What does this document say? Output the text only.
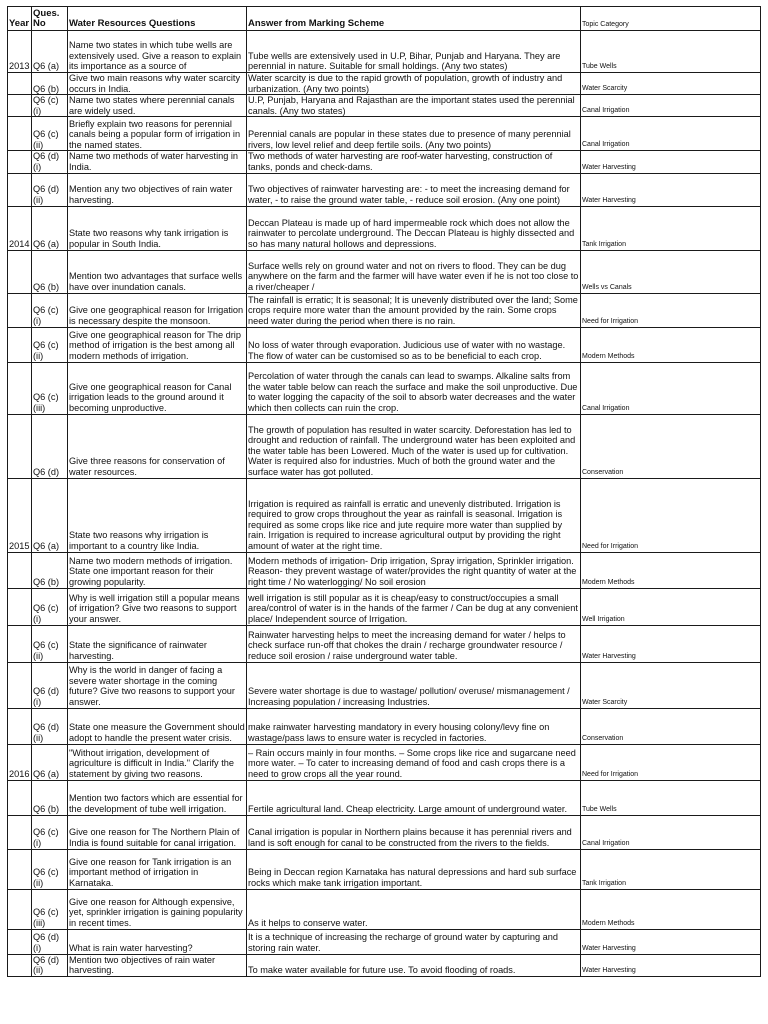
Year	Ques. No	Water Resources Questions	Answer from Marking Scheme	Topic Category
2013	Q6 (a)	Name two states in which tube wells are extensively used. Give a reason to explain its importance as a source of	Tube wells are extensively used in U.P, Bihar, Punjab and Haryana. They are perennial in nature. Suitable for small holdings. (Any two states)	Tube Wells
	Q6 (b)	Give two main reasons why water scarcity occurs in India.	Water scarcity is due to the rapid growth of population, growth of industry and urbanization. (Any two points)	Water Scarcity
	Q6 (c)(i)	Name two states where perennial canals are widely used.	U.P, Punjab, Haryana and Rajasthan are the important states used the perennial canals. (Any two states)	Canal Irrigation
	Q6 (c) (ii)	Briefly explain two reasons for perennial canals being a popular form of irrigation in the named states.	Perennial canals are popular in these states due to presence of many perennial rivers, low level relief and deep fertile soils. (Any two points)	Canal Irrigation
	Q6 (d)(i)	Name two methods of water harvesting in India.	Two methods of water harvesting are roof-water harvesting, construction of tanks, ponds and check-dams.	Water Harvesting
	Q6 (d) (ii)	Mention any two objectives of rain water harvesting.	Two objectives of rainwater harvesting are: - to meet the increasing demand for water, - to raise the ground water table, - reduce soil erosion. (Any one point)	Water Harvesting
2014	Q6 (a)	State two reasons why tank irrigation is popular in South India.	Deccan Plateau is made up of hard impermeable rock which does not allow the rainwater to percolate underground. The Deccan Plateau is highly dissected and so has many natural hollows and depressions.	Tank Irrigation
	Q6 (b)	Mention two advantages that surface wells have over inundation canals.	Surface wells rely on ground water and not on rivers to flood. They can be dug anywhere on the farm and the farmer will have water even if he is not too close to a river/cheaper /	Wells vs Canals
	Q6 (c)(i)	Give one geographical reason for Irrigation is necessary despite the monsoon.	The rainfall is erratic; It is seasonal; It is unevenly distributed over the land; Some crops require more water than the amount provided by the rain. Some crops need water during the period when there is no rain.	Need for Irrigation
	Q6 (c) (ii)	Give one geographical reason for The drip method of irrigation is the best among all modern methods of irrigation.	No loss of water through evaporation. Judicious use of water with no wastage. The flow of water can be customised so as to be beneficial to each crop.	Modern Methods
	Q6 (c) (iii)	Give one geographical reason for Canal irrigation leads to the ground around it becoming unproductive.	Percolation of water through the canals can lead to swamps. Alkaline salts from the water table below can reach the surface and make the soil unproductive. Due to water logging the capacity of the soil to absorb water decreases and the water which then collects can ruin the crop.	Canal Irrigation
	Q6 (d)	Give three reasons for conservation of water resources.	The growth of population has resulted in water scarcity. Deforestation has led to drought and reduction of rainfall. The underground water has been exploited and the water table has been Lowered. Much of the water is used up for cultivation. Water is required also for industries. Much of both the ground water and the surface water has got polluted.	Conservation
2015	Q6 (a)	State two reasons why irrigation is important to a country like India.	Irrigation is required as rainfall is erratic and unevenly distributed. Irrigation is required to grow crops throughout the year as rainfall is seasonal. Irrigation is required as some crops like rice and jute require more water than supplied by rain. Irrigation is required to increase agricultural output by providing the right amount of water at the right time.	Need for Irrigation
	Q6 (b)	Name two modern methods of irrigation. State one important reason for their growing popularity.	Modern methods of irrigation- Drip irrigation, Spray irrigation, Sprinkler irrigation. Reason- they prevent wastage of water/provides the right quantity of water at the right time / No waterlogging/ No soil erosion	Modern Methods
	Q6 (c)(i)	Why is well irrigation still a popular means of irrigation? Give two reasons to support your answer.	well irrigation is still popular as it is cheap/easy to construct/occupies a small area/control of water is in the hands of the farmer / Can be dug at any convenient place/ Independent source of Irrigation.	Well Irrigation
	Q6 (c) (ii)	State the significance of rainwater harvesting.	Rainwater harvesting helps to meet the increasing demand for water / helps to check surface run-off that chokes the drain / recharge groundwater resource / reduce soil erosion / raise underground water table.	Water Harvesting
	Q6 (d)(i)	Why is the world in danger of facing a severe water shortage in the coming future? Give two reasons to support your answer.	Severe water shortage is due to wastage/ pollution/ overuse/ mismanagement / Increasing population / increasing Industries.	Water Scarcity
	Q6 (d) (ii)	State one measure the Government should adopt to handle the present water crisis.	make rainwater harvesting mandatory in every housing colony/levy fine on wastage/pass laws to ensure water is recycled in factories.	Conservation
2016	Q6 (a)	"Without irrigation, development of agriculture is difficult in India." Clarify the statement by giving two reasons.	– Rain occurs mainly in four months. – Some crops like rice and sugarcane need more water. – To cater to increasing demand of food and cash crops there is a need to grow crops all the year round.	Need for Irrigation
	Q6 (b)	Mention two factors which are essential for the development of tube well irrigation.	Fertile agricultural land. Cheap electricity. Large amount of underground water.	Tube Wells
	Q6 (c)(i)	Give one reason for The Northern Plain of India is found suitable for canal irrigation.	Canal irrigation is popular in Northern plains because it has perennial rivers and land is soft enough for canal to be constructed from the rivers to the fields.	Canal Irrigation
	Q6 (c) (ii)	Give one reason for Tank irrigation is an important method of irrigation in Karnataka.	Being in Deccan region Karnataka has natural depressions and hard sub surface rocks which make tank irrigation important.	Tank Irrigation
	Q6 (c) (iii)	Give one reason for Although expensive, yet, sprinkler irrigation is gaining popularity in recent times.	As it helps to conserve water.	Modern Methods
	Q6 (d)(i)	What is rain water harvesting?	It is a technique of increasing the recharge of ground water by capturing and storing rain water.	Water Harvesting
	Q6 (d) (ii)	Mention two objectives of rain water harvesting.	To make water available for future use. To avoid flooding of roads.	Water Harvesting
